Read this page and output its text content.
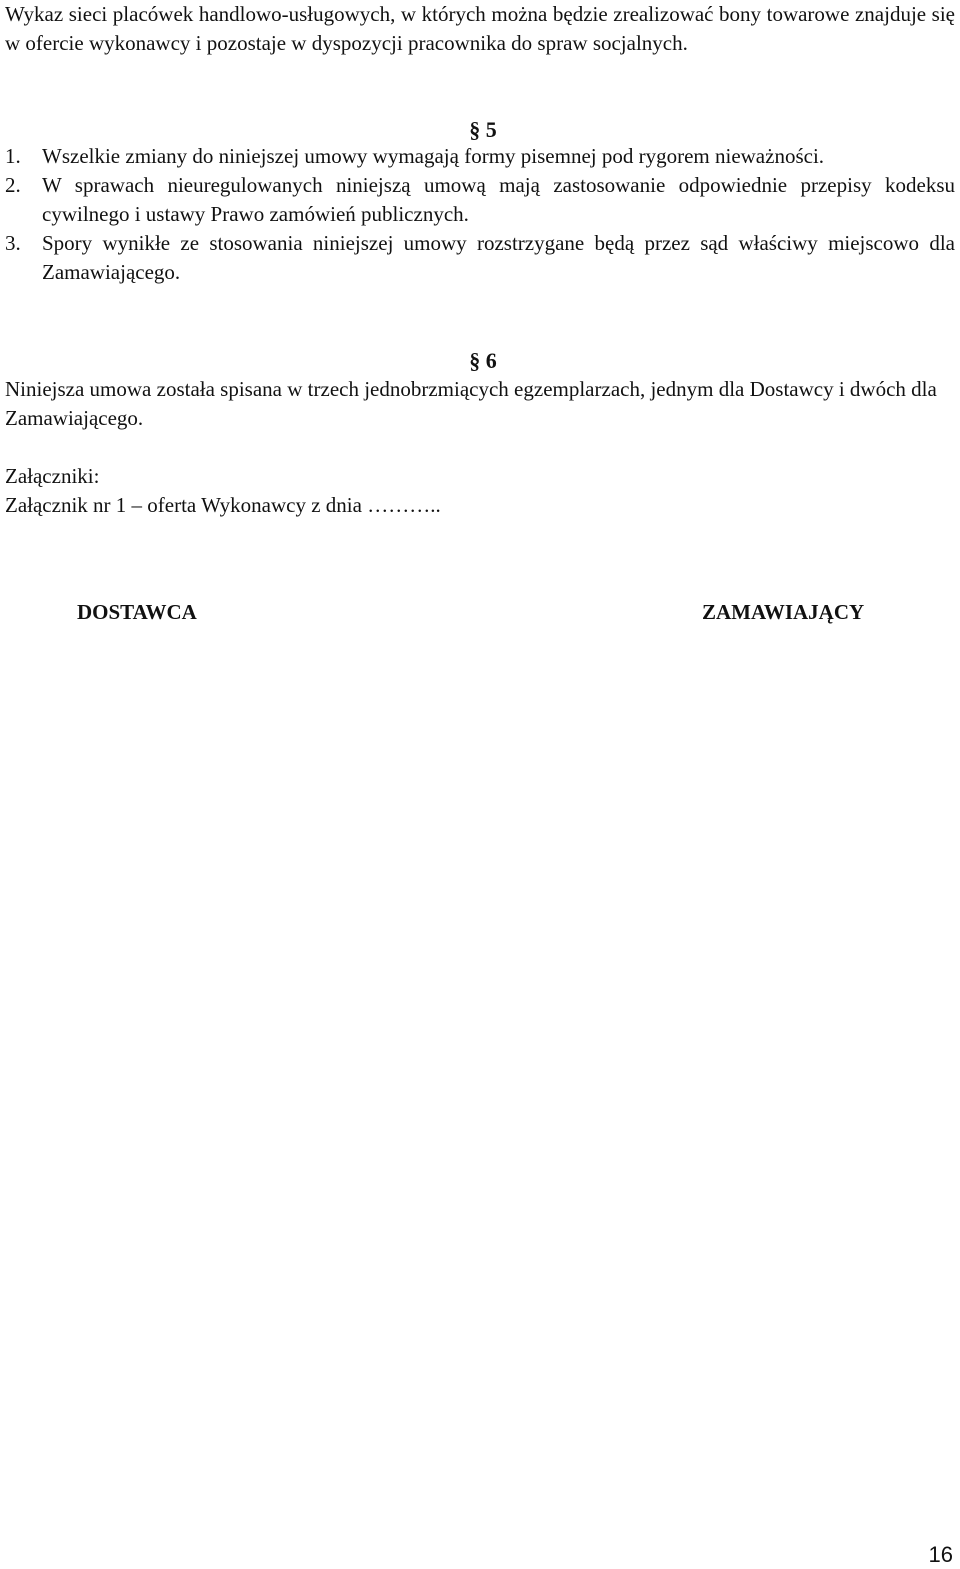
Wykaz sieci placówek handlowo-usługowych, w których można będzie zrealizować bony towarowe znajduje się w ofercie wykonawcy i pozostaje w dyspozycji pracownika do spraw socjalnych.
§ 5
1. Wszelkie zmiany do niniejszej umowy wymagają formy pisemnej pod rygorem nieważności.
2. W sprawach nieuregulowanych niniejszą umową mają zastosowanie odpowiednie przepisy kodeksu cywilnego i ustawy Prawo zamówień publicznych.
3. Spory wynikłe ze stosowania niniejszej umowy rozstrzygane będą przez sąd właściwy miejscowo dla Zamawiającego.
§ 6
Niniejsza umowa została spisana w trzech jednobrzmiących egzemplarzach, jednym dla Dostawcy i dwóch dla Zamawiającego.
Załączniki:
Załącznik nr 1 – oferta Wykonawcy z dnia ………..
DOSTAWCA	ZAMAWIAJĄCY
16
